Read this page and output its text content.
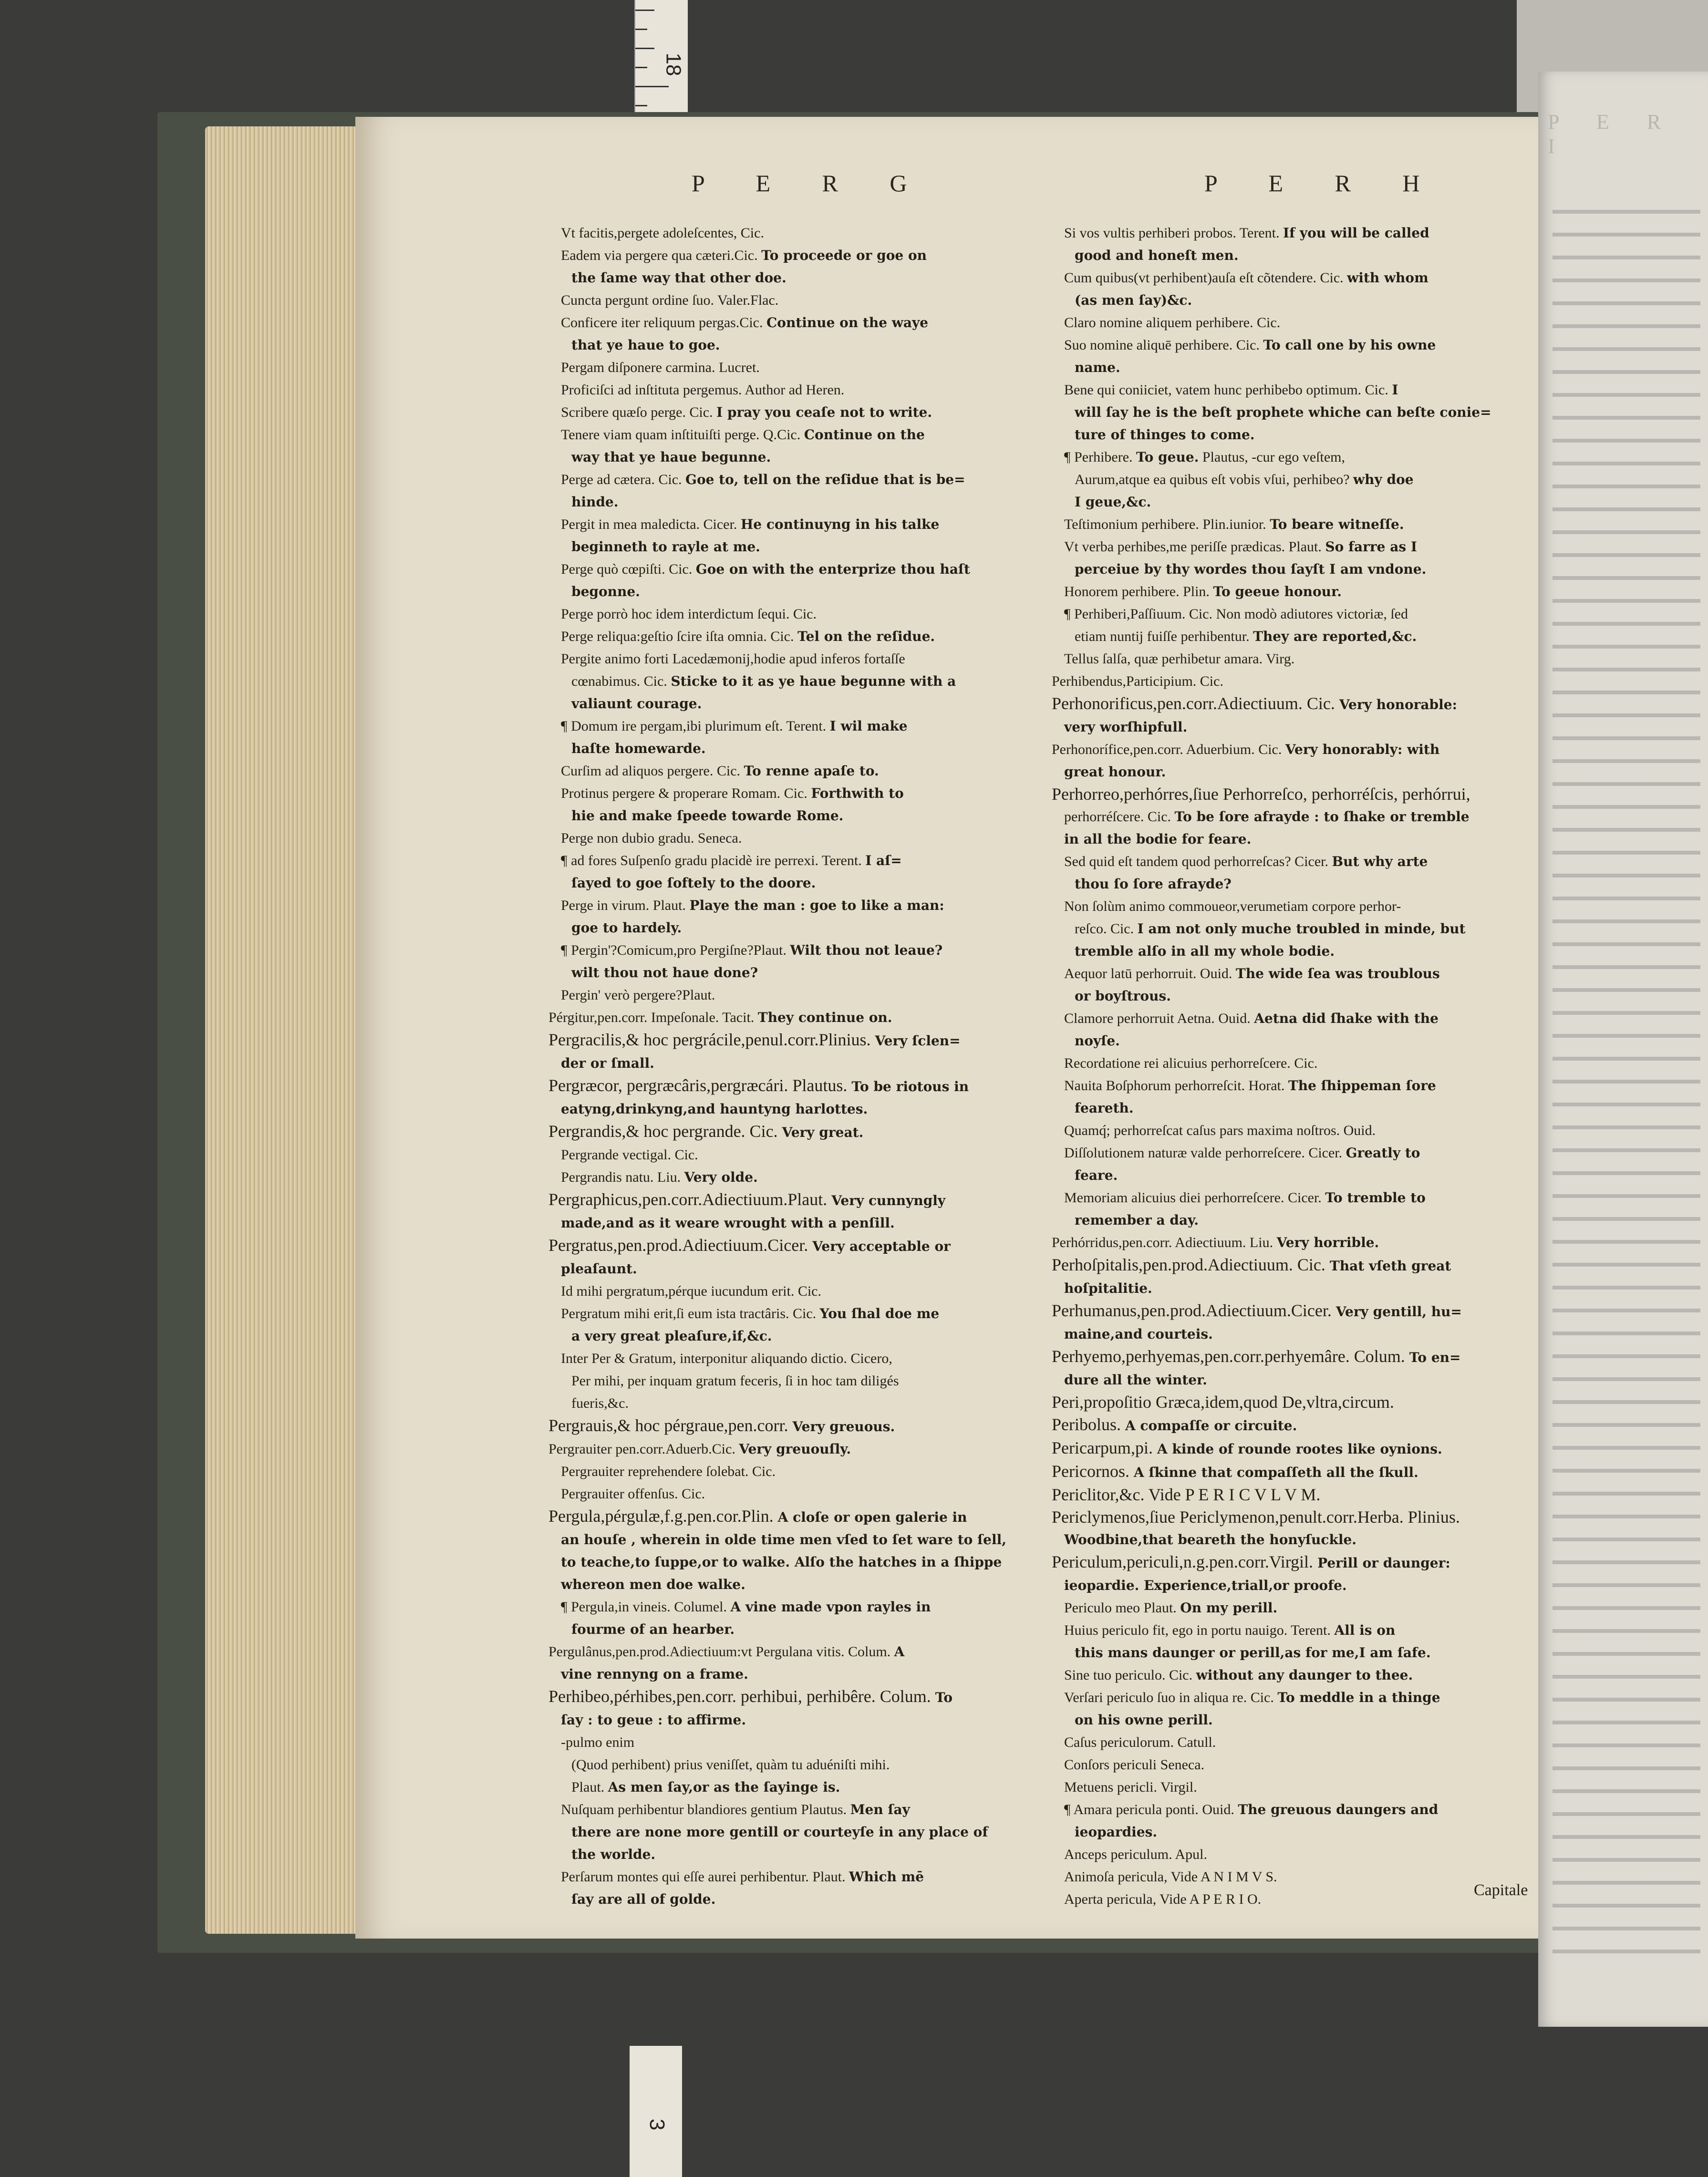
18
P E R I
P E R G	P E R H
Vt facitis,pergete adoleſcentes, Cic.
Eadem via pergere qua cæteri.Cic. To proceede or goe on
the ſame way that other doe.
Cuncta pergunt ordine ſuo. Valer.Flac.
Conficere iter reliquum pergas.Cic. Continue on the waye
that ye haue to goe.
Pergam diſponere carmina. Lucret.
Proficiſci ad inſtituta pergemus. Author ad Heren.
Scribere quæſo perge. Cic. I pray you ceaſe not to write.
Tenere viam quam inſtituiſti perge. Q.Cic. Continue on the
way that ye haue begunne.
Perge ad cætera. Cic. Goe to, tell on the reſidue that is be=
hinde.
Pergit in mea maledicta. Cicer. He continuyng in his talke
beginneth to rayle at me.
Perge quò cœpiſti. Cic. Goe on with the enterprize thou haſt
begonne.
Perge porrò hoc idem interdictum ſequi. Cic.
Perge reliqua:geſtio ſcire iſta omnia. Cic. Tel on the reſidue.
Pergite animo forti Lacedæmonij,hodie apud inferos fortaſſe
cœnabimus. Cic. Sticke to it as ye haue begunne with a
valiaunt courage.
¶ Domum ire pergam,ibi plurimum eſt. Terent. I wil make
haſte homewarde.
Curſim ad aliquos pergere. Cic. To renne apaſe to.
Protinus pergere & properare Romam. Cic. Forthwith to
hie and make ſpeede towarde Rome.
Perge non dubio gradu. Seneca.
¶ ad fores Suſpenſo gradu placidè ire perrexi. Terent. I aſ=
ſayed to goe ſoftely to the doore.
Perge in virum. Plaut. Playe the man : goe to like a man:
goe to hardely.
¶ Pergin'?Comicum,pro Pergiſne?Plaut. Wilt thou not leaue?
wilt thou not haue done?
Pergin' verò pergere?Plaut.
Pérgitur,pen.corr. Impeſonale. Tacit. They continue on.
Pergracilis,& hoc pergrácile,penul.corr.Plinius. Very ſclen=
der or ſmall.
Pergræcor, pergræcâris,pergræcári. Plautus. To be riotous in
eatyng,drinkyng,and hauntyng harlottes.
Pergrandis,& hoc pergrande. Cic. Very great.
Pergrande vectigal. Cic.
Pergrandis natu. Liu. Very olde.
Pergraphicus,pen.corr.Adiectiuum.Plaut. Very cunnyngly
made,and as it weare wrought with a penſill.
Pergratus,pen.prod.Adiectiuum.Cicer. Very acceptable or
pleaſaunt.
Id mihi pergratum,pérque iucundum erit. Cic.
Pergratum mihi erit,ſi eum ista tractâris. Cic. You ſhal doe me
a very great pleaſure,if,&c.
Inter Per & Gratum, interponitur aliquando dictio. Cicero,
Per mihi, per inquam gratum feceris, ſi in hoc tam diligés
fueris,&c.
Pergrauis,& hoc pérgraue,pen.corr. Very greuous.
Pergrauiter pen.corr.Aduerb.Cic. Very greuouſly.
Pergrauiter reprehendere ſolebat. Cic.
Pergrauiter offenſus. Cic.
Pergula,pérgulæ,f.g.pen.cor.Plin. A cloſe or open galerie in
an houſe , wherein in olde time men vſed to ſet ware to ſell,
to teache,to ſuppe,or to walke. Alſo the hatches in a ſhippe
whereon men doe walke.
¶ Pergula,in vineis. Columel. A vine made vpon rayles in
fourme of an hearber.
Pergulânus,pen.prod.Adiectiuum:vt Pergulana vitis. Colum. A
vine rennyng on a frame.
Perhibeo,pérhibes,pen.corr. perhibui, perhibêre. Colum. To
ſay : to geue : to affirme.
-pulmo enim
(Quod perhibent) prius veniſſet, quàm tu aduéniſti mihi.
Plaut. As men ſay,or as the ſayinge is.
Nuſquam perhibentur blandiores gentium Plautus. Men ſay
there are none more gentill or courteyſe in any place of
the worlde.
Perſarum montes qui eſſe aurei perhibentur. Plaut. Which mē
ſay are all of golde.
Si vos vultis perhiberi probos. Terent. If you will be called
good and honeſt men.
Cum quibus(vt perhibent)auſa eſt cõtendere. Cic. with whom
(as men ſay)&c.
Claro nomine aliquem perhibere. Cic.
Suo nomine aliquē perhibere. Cic. To call one by his owne
name.
Bene qui coniiciet, vatem hunc perhibebo optimum. Cic. I
will ſay he is the beſt prophete whiche can beſte conie=
ture of thinges to come.
¶ Perhibere. To geue. Plautus, -cur ego veſtem,
Aurum,atque ea quibus eſt vobis vſui, perhibeo? why doe
I geue,&c.
Teſtimonium perhibere. Plin.iunior. To beare witneſſe.
Vt verba perhibes,me periſſe prædicas. Plaut. So farre as I
perceiue by thy wordes thou ſayſt I am vndone.
Honorem perhibere. Plin. To geeue honour.
¶ Perhiberi,Paſſiuum. Cic. Non modò adiutores victoriæ, ſed
etiam nuntij fuiſſe perhibentur. They are reported,&c.
Tellus ſalſa, quæ perhibetur amara. Virg.
Perhibendus,Participium. Cic.
Perhonorificus,pen.corr.Adiectiuum. Cic. Very honorable:
very worſhipfull.
Perhonorífice,pen.corr. Aduerbium. Cic. Very honorably: with
great honour.
Perhorreo,perhórres,ſiue Perhorreſco, perhorréſcis, perhórrui,
perhorréſcere. Cic. To be ſore afrayde : to ſhake or tremble
in all the bodie for feare.
Sed quid eſt tandem quod perhorreſcas? Cicer. But why arte
thou ſo ſore afrayde?
Non ſolùm animo commoueor,verumetiam corpore perhor-
reſco. Cic. I am not only muche troubled in minde, but
tremble alſo in all my whole bodie.
Aequor latū perhorruit. Ouid. The wide ſea was troublous
or boyſtrous.
Clamore perhorruit Aetna. Ouid. Aetna did ſhake with the
noyſe.
Recordatione rei alicuius perhorreſcere. Cic.
Nauita Boſphorum perhorreſcit. Horat. The ſhippeman ſore
feareth.
Quamq́; perhorreſcat caſus pars maxima noſtros. Ouid.
Diſſolutionem naturæ valde perhorreſcere. Cicer. Greatly to
feare.
Memoriam alicuius diei perhorreſcere. Cicer. To tremble to
remember a day.
Perhórridus,pen.corr. Adiectiuum. Liu. Very horrible.
Perhoſpitalis,pen.prod.Adiectiuum. Cic. That vſeth great
hoſpitalitie.
Perhumanus,pen.prod.Adiectiuum.Cicer. Very gentill, hu=
maine,and courteis.
Perhyemo,perhyemas,pen.corr.perhyemâre. Colum. To en=
dure all the winter.
Peri,propoſitio Græca,idem,quod De,vltra,circum.
Peribolus. A compaſſe or circuite.
Pericarpum,pi. A kinde of rounde rootes like oynions.
Pericornos. A ſkinne that compaſſeth all the ſkull.
Periclitor,&c. Vide P E R I C V L V M.
Periclymenos,ſiue Periclymenon,penult.corr.Herba. Plinius.
Woodbine,that beareth the honyſuckle.
Periculum,periculi,n.g.pen.corr.Virgil. Perill or daunger:
ieopardie. Experience,triall,or proofe.
Periculo meo Plaut. On my perill.
Huius periculo fit, ego in portu nauigo. Terent. All is on
this mans daunger or perill,as for me,I am ſafe.
Sine tuo periculo. Cic. without any daunger to thee.
Verſari periculo ſuo in aliqua re. Cic. To meddle in a thinge
on his owne perill.
Caſus periculorum. Catull.
Conſors periculi Seneca.
Metuens pericli. Virgil.
¶ Amara pericula ponti. Ouid. The greuous daungers and
ieopardies.
Anceps periculum. Apul.
Animoſa pericula, Vide A N I M V S.
Aperta pericula, Vide A P E R I O.
Capitale
3
